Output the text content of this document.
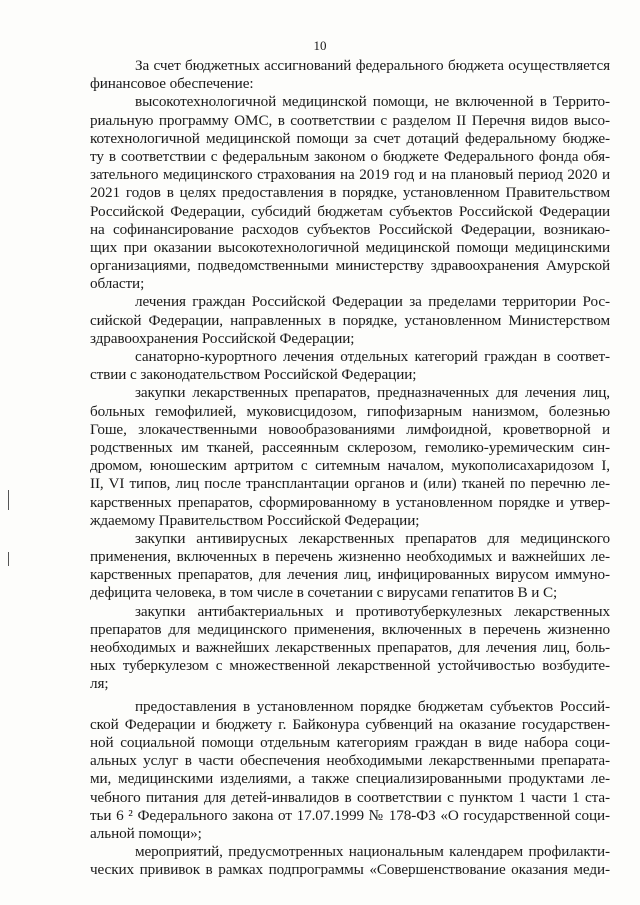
10
За счет бюджетных ассигнований федерального бюджета осуществляется
финансовое обеспечение:
высокотехнологичной медицинской помощи, не включенной в Террито-
риальную программу ОМС, в соответствии с разделом II Перечня видов высо-
котехнологичной медицинской помощи за счет дотаций федеральному бюдже-
ту в соответствии с федеральным законом о бюджете Федерального фонда обя-
зательного медицинского страхования на 2019 год и на плановый период 2020 и
2021 годов в целях предоставления в порядке, установленном Правительством
Российской Федерации, субсидий бюджетам субъектов Российской Федерации
на софинансирование расходов субъектов Российской Федерации, возникаю-
щих при оказании высокотехнологичной медицинской помощи медицинскими
организациями, подведомственными министерству здравоохранения Амурской
области;
лечения граждан Российской Федерации за пределами территории Рос-
сийской Федерации, направленных в порядке, установленном Министерством
здравоохранения Российской Федерации;
санаторно-курортного лечения отдельных категорий граждан в соответ-
ствии с законодательством Российской Федерации;
закупки лекарственных препаратов, предназначенных для лечения лиц,
больных гемофилией, муковисцидозом, гипофизарным нанизмом, болезнью
Гоше, злокачественными новообразованиями лимфоидной, кроветворной и
родственных им тканей, рассеянным склерозом, гемолико-уремическим син-
дромом, юношеским артритом с ситемным началом, мукополисахаридозом I,
II, VI типов, лиц после трансплантации органов и (или) тканей по перечню ле-
карственных препаратов, сформированному в установленном порядке и утвер-
ждаемому Правительством Российской Федерации;
закупки антивирусных лекарственных препаратов для медицинского
применения, включенных в перечень жизненно необходимых и важнейших ле-
карственных препаратов, для лечения лиц, инфицированных вирусом иммуно-
дефицита человека, в том числе в сочетании с вирусами гепатитов В и С;
закупки антибактериальных и противотуберкулезных лекарственных
препаратов для медицинского применения, включенных в перечень жизненно
необходимых и важнейших лекарственных препаратов, для лечения лиц, боль-
ных туберкулезом с множественной лекарственной устойчивостью возбудите-
ля;
предоставления в установленном порядке бюджетам субъектов Россий-
ской Федерации и бюджету г. Байконура субвенций на оказание государствен-
ной социальной помощи отдельным категориям граждан в виде набора соци-
альных услуг в части обеспечения необходимыми лекарственными препарата-
ми, медицинскими изделиями, а также специализированными продуктами ле-
чебного питания для детей-инвалидов в соответствии с пунктом 1 части 1 ста-
тьи 6 ² Федерального закона от 17.07.1999 № 178-ФЗ «О государственной соци-
альной помощи»;
мероприятий, предусмотренных национальным календарем профилакти-
ческих прививок в рамках подпрограммы «Совершенствование оказания меди-
